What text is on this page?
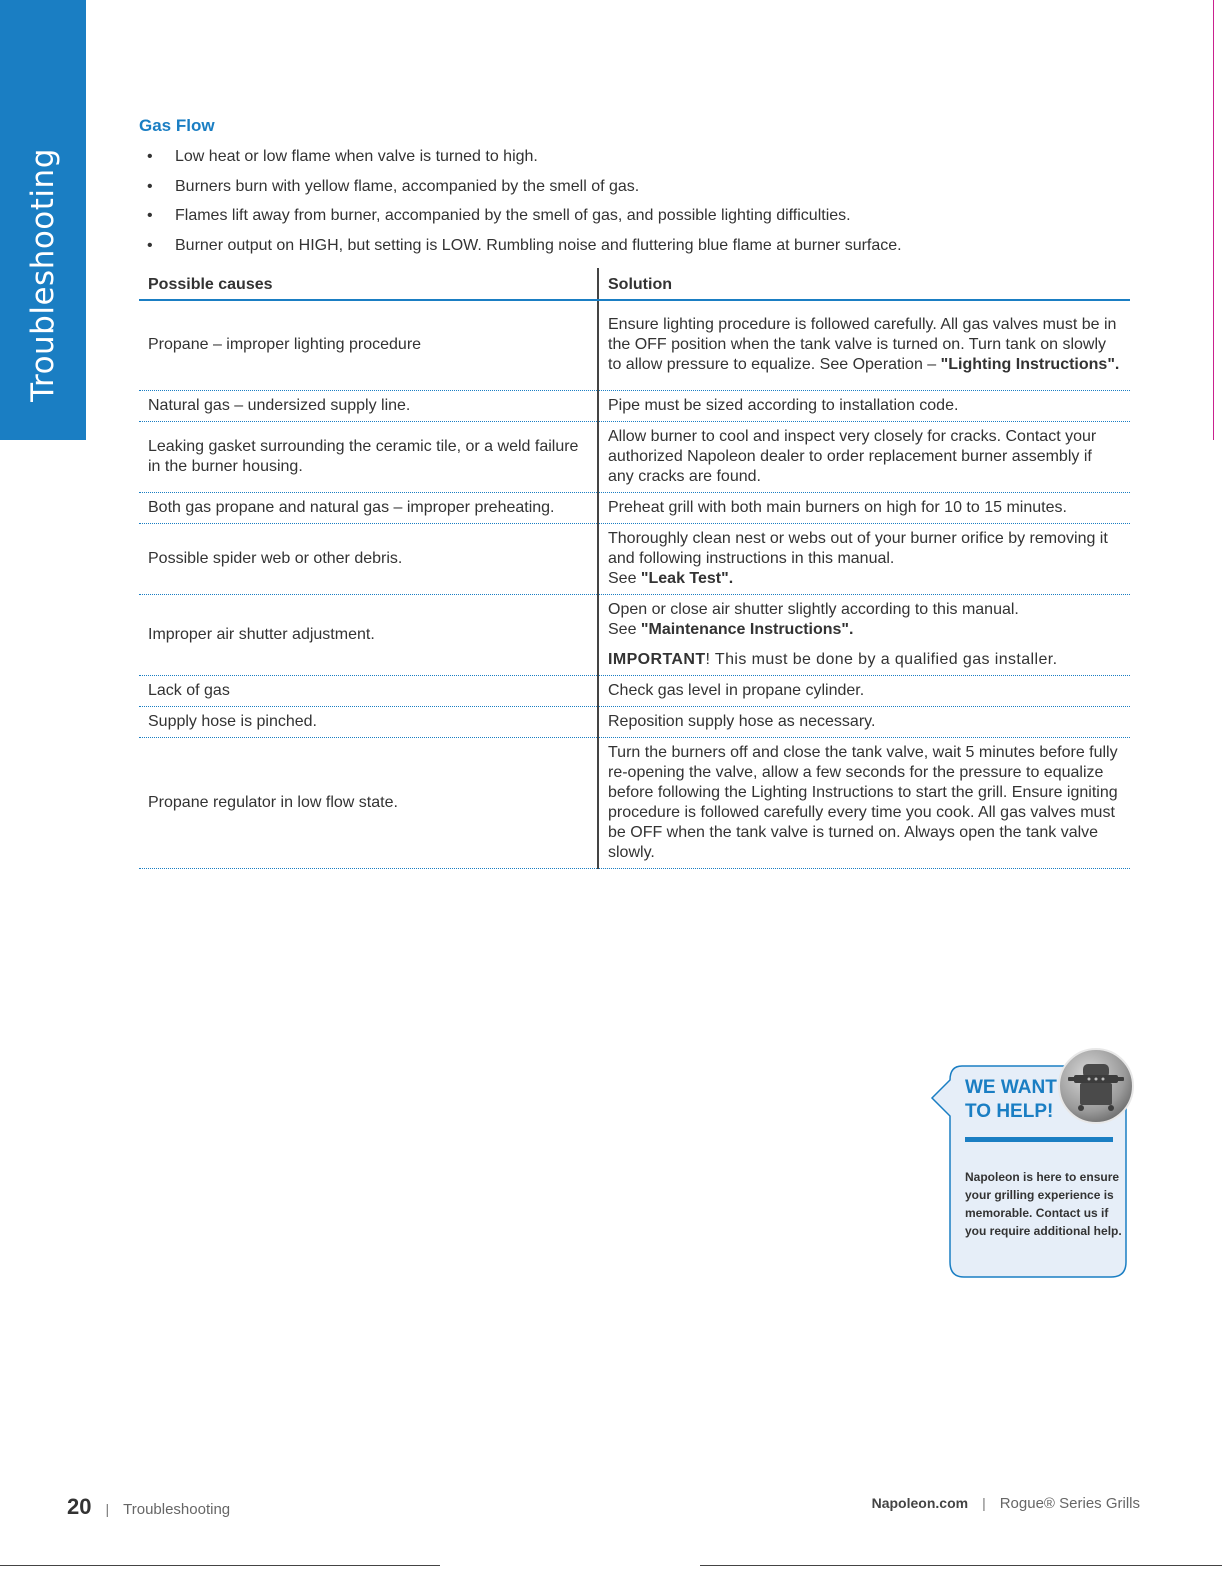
Troubleshooting
Gas Flow
• Low heat or low flame when valve is turned to high.
• Burners burn with yellow flame, accompanied by the smell of gas.
• Flames lift away from burner, accompanied by the smell of gas, and possible lighting difficulties.
• Burner output on HIGH, but setting is LOW. Rumbling noise and fluttering blue flame at burner surface.
Possible causes	Solution
Propane – improper lighting procedure	Ensure lighting procedure is followed carefully. All gas valves must be in the OFF position when the tank valve is turned on. Turn tank on slowly to allow pressure to equalize. See Operation – "Lighting Instructions".
Natural gas – undersized supply line.	Pipe must be sized according to installation code.
Leaking gasket surrounding the ceramic tile, or a weld failure in the burner housing.	Allow burner to cool and inspect very closely for cracks. Contact your authorized Napoleon dealer to order replacement burner assembly if any cracks are found.
Both gas propane and natural gas – improper preheating.	Preheat grill with both main burners on high for 10 to 15 minutes.
Possible spider web or other debris.	Thoroughly clean nest or webs out of your burner orifice by removing it and following instructions in this manual.
See "Leak Test".
Improper air shutter adjustment.	Open or close air shutter slightly according to this manual.
See "Maintenance Instructions".
IMPORTANT! This must be done by a qualified gas installer.

Lack of gas	Check gas level in propane cylinder.
Supply hose is pinched.	Reposition supply hose as necessary.
Propane regulator in low flow state.	Turn the burners off and close the tank valve, wait 5 minutes before fully re-opening the valve, allow a few seconds for the pressure to equalize before following the Lighting Instructions to start the grill. Ensure igniting procedure is followed carefully every time you cook. All gas valves must be OFF when the tank valve is turned on. Always open the tank valve slowly.
WE WANT
TO HELP!
Napoleon is here to ensure your grilling experience is memorable. Contact us if you require additional help.
20 | Troubleshooting	Napoleon.com | Rogue® Series Grills
